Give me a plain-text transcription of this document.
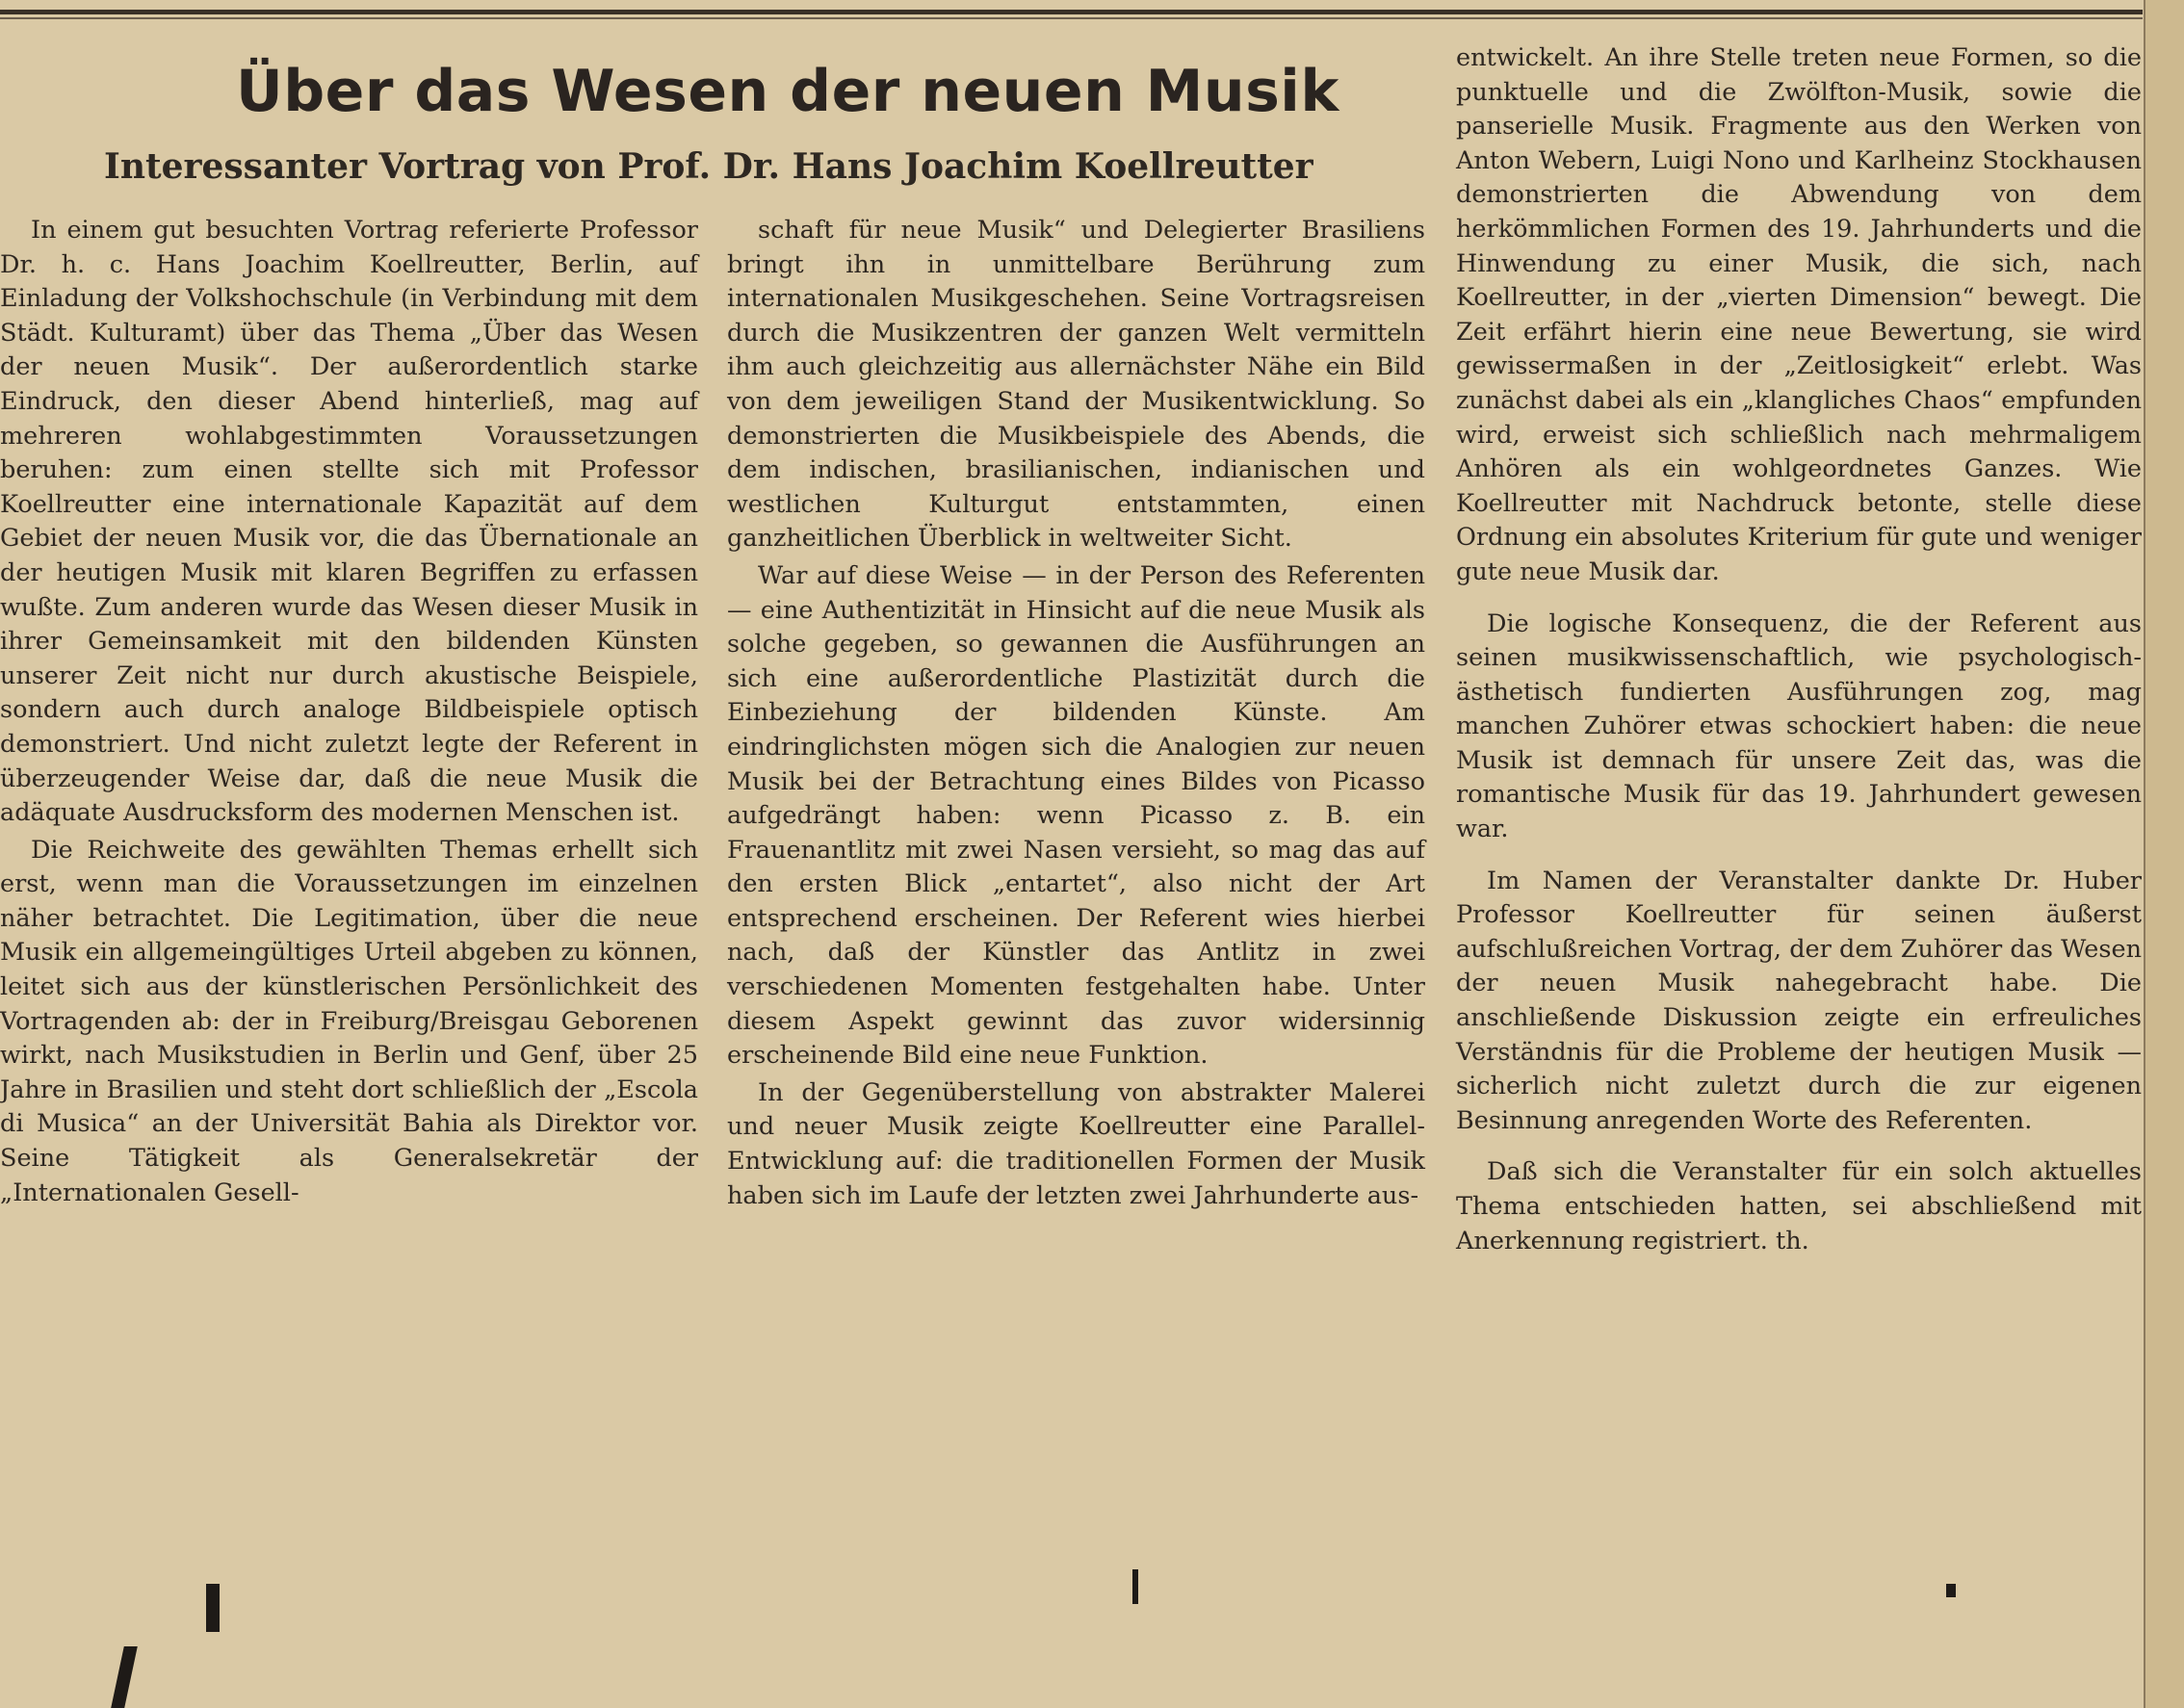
Über das Wesen der neuen Musik
Interessanter Vortrag von Prof. Dr. Hans Joachim Koellreutter

In einem gut besuchten Vortrag referierte Professor Dr. h. c. Hans Joachim Koellreutter, Berlin, auf Einladung der Volkshochschule (in Verbindung mit dem Städt. Kulturamt) über das Thema „Über das Wesen der neuen Musik“. Der außerordentlich starke Eindruck, den dieser Abend hinterließ, mag auf mehreren wohlabgestimmten Voraussetzungen beruhen: zum einen stellte sich mit Professor Koellreutter eine internationale Kapazität auf dem Gebiet der neuen Musik vor, die das Übernationale an der heutigen Musik mit klaren Begriffen zu erfassen wußte. Zum anderen wurde das Wesen dieser Musik in ihrer Gemeinsamkeit mit den bildenden Künsten unserer Zeit nicht nur durch akustische Beispiele, sondern auch durch analoge Bildbeispiele optisch demonstriert. Und nicht zuletzt legte der Referent in überzeugender Weise dar, daß die neue Musik die adäquate Ausdrucksform des modernen Menschen ist.

Die Reichweite des gewählten Themas erhellt sich erst, wenn man die Voraussetzungen im einzelnen näher betrachtet. Die Legitimation, über die neue Musik ein allgemeingültiges Urteil abgeben zu können, leitet sich aus der künstlerischen Persönlichkeit des Vortragenden ab: der in Freiburg/Breisgau Geborenen wirkt, nach Musikstudien in Berlin und Genf, über 25 Jahre in Brasilien und steht dort schließlich der „Escola di Musica“ an der Universität Bahia als Direktor vor. Seine Tätigkeit als Generalsekretär der „Internationalen Gesell-

schaft für neue Musik“ und Delegierter Brasiliens bringt ihn in unmittelbare Berührung zum internationalen Musikgeschehen. Seine Vortragsreisen durch die Musikzentren der ganzen Welt vermitteln ihm auch gleichzeitig aus allernächster Nähe ein Bild von dem jeweiligen Stand der Musikentwicklung. So demonstrierten die Musikbeispiele des Abends, die dem indischen, brasilianischen, indianischen und westlichen Kulturgut entstammten, einen ganzheitlichen Überblick in weltweiter Sicht.

War auf diese Weise — in der Person des Referenten — eine Authentizität in Hinsicht auf die neue Musik als solche gegeben, so gewannen die Ausführungen an sich eine außerordentliche Plastizität durch die Einbeziehung der bildenden Künste. Am eindringlichsten mögen sich die Analogien zur neuen Musik bei der Betrachtung eines Bildes von Picasso aufgedrängt haben: wenn Picasso z. B. ein Frauenantlitz mit zwei Nasen versieht, so mag das auf den ersten Blick „entartet“, also nicht der Art entsprechend erscheinen. Der Referent wies hierbei nach, daß der Künstler das Antlitz in zwei verschiedenen Momenten festgehalten habe. Unter diesem Aspekt gewinnt das zuvor widersinnig erscheinende Bild eine neue Funktion.

In der Gegenüberstellung von abstrakter Malerei und neuer Musik zeigte Koellreutter eine Parallel-Entwicklung auf: die traditionellen Formen der Musik haben sich im Laufe der letzten zwei Jahrhunderte aus-

entwickelt. An ihre Stelle treten neue Formen, so die punktuelle und die Zwölfton-Musik, sowie die panserielle Musik. Fragmente aus den Werken von Anton Webern, Luigi Nono und Karlheinz Stockhausen demonstrierten die Abwendung von dem herkömmlichen Formen des 19. Jahrhunderts und die Hinwendung zu einer Musik, die sich, nach Koellreutter, in der „vierten Dimension“ bewegt. Die Zeit erfährt hierin eine neue Bewertung, sie wird gewissermaßen in der „Zeitlosigkeit“ erlebt. Was zunächst dabei als ein „klangliches Chaos“ empfunden wird, erweist sich schließlich nach mehrmaligem Anhören als ein wohlgeordnetes Ganzes. Wie Koellreutter mit Nachdruck betonte, stelle diese Ordnung ein absolutes Kriterium für gute und weniger gute neue Musik dar.

Die logische Konsequenz, die der Referent aus seinen musikwissenschaftlich, wie psychologisch-ästhetisch fundierten Ausführungen zog, mag manchen Zuhörer etwas schockiert haben: die neue Musik ist demnach für unsere Zeit das, was die romantische Musik für das 19. Jahrhundert gewesen war.

Im Namen der Veranstalter dankte Dr. Huber Professor Koellreutter für seinen äußerst aufschlußreichen Vortrag, der dem Zuhörer das Wesen der neuen Musik nahegebracht habe. Die anschließende Diskussion zeigte ein erfreuliches Verständnis für die Probleme der heutigen Musik — sicherlich nicht zuletzt durch die zur eigenen Besinnung anregenden Worte des Referenten.

Daß sich die Veranstalter für ein solch aktuelles Thema entschieden hatten, sei abschließend mit Anerkennung registriert. th.
